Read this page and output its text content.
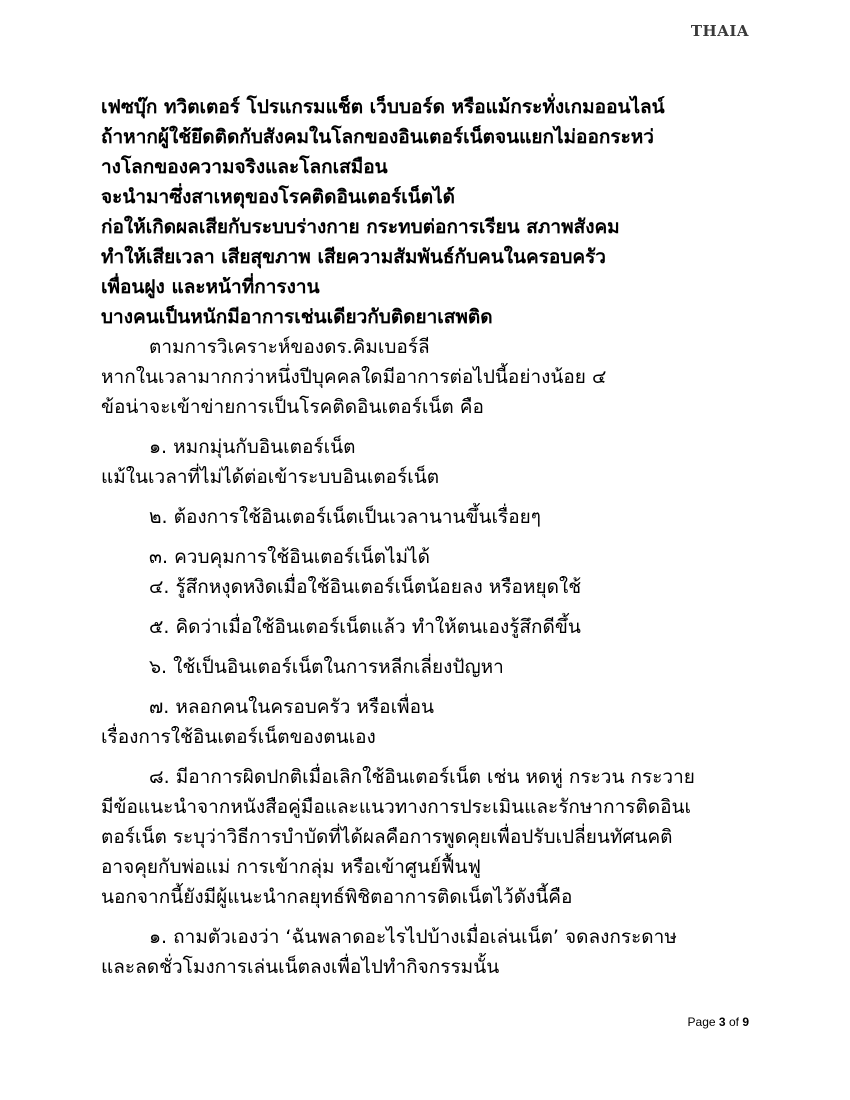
THAIA
เฟซบุ๊ก ทวิตเตอร์ โปรแกรมแช็ต เว็บบอร์ด หรือแม้กระทั่งเกมออนไลน์
ถ้าหากผู้ใช้ยึดติดกับสังคมในโลกของอินเตอร์เน็ตจนแยกไม่ออกระหว่
างโลกของความจริงและโลกเสมือน
จะนำมาซึ่งสาเหตุของโรคติดอินเตอร์เน็ตได้
ก่อให้เกิดผลเสียกับระบบร่างกาย กระทบต่อการเรียน สภาพสังคม
ทำให้เสียเวลา เสียสุขภาพ เสียความสัมพันธ์กับคนในครอบครัว
เพื่อนฝูง และหน้าที่การงาน
บางคนเป็นหนักมีอาการเช่นเดียวกับติดยาเสพติด
ตามการวิเคราะห์ของดร.คิมเบอร์ลี
หากในเวลามากกว่าหนึ่งปีบุคคลใดมีอาการต่อไปนี้อย่างน้อย ๔
ข้อน่าจะเข้าข่ายการเป็นโรคติดอินเตอร์เน็ต คือ
๑. หมกมุ่นกับอินเตอร์เน็ต
แม้ในเวลาที่ไม่ได้ต่อเข้าระบบอินเตอร์เน็ต
๒. ต้องการใช้อินเตอร์เน็ตเป็นเวลานานขึ้นเรื่อยๆ
๓. ควบคุมการใช้อินเตอร์เน็ตไม่ได้
๔. รู้สึกหงุดหงิดเมื่อใช้อินเตอร์เน็ตน้อยลง หรือหยุดใช้
๕. คิดว่าเมื่อใช้อินเตอร์เน็ตแล้ว ทำให้ตนเองรู้สึกดีขึ้น
๖. ใช้เป็นอินเตอร์เน็ตในการหลีกเลี่ยงปัญหา
๗. หลอกคนในครอบครัว หรือเพื่อน
เรื่องการใช้อินเตอร์เน็ตของตนเอง
๘. มีอาการผิดปกติเมื่อเลิกใช้อินเตอร์เน็ต เช่น หดหู่ กระวน กระวาย
มีข้อแนะนำจากหนังสือคู่มือและแนวทางการประเมินและรักษาการติดอินเ
ตอร์เน็ต ระบุว่าวิธีการบำบัดที่ได้ผลคือการพูดคุยเพื่อปรับเปลี่ยนทัศนคติ
อาจคุยกับพ่อแม่ การเข้ากลุ่ม หรือเข้าศูนย์ฟื้นฟู
นอกจากนี้ยังมีผู้แนะนำกลยุทธ์พิชิตอาการติดเน็ตไว้ดังนี้คือ
๑. ถามตัวเองว่า ‘ฉันพลาดอะไรไปบ้างเมื่อเล่นเน็ต’ จดลงกระดาษ
และลดชั่วโมงการเล่นเน็ตลงเพื่อไปทำกิจกรรมนั้น
Page 3 of 9
